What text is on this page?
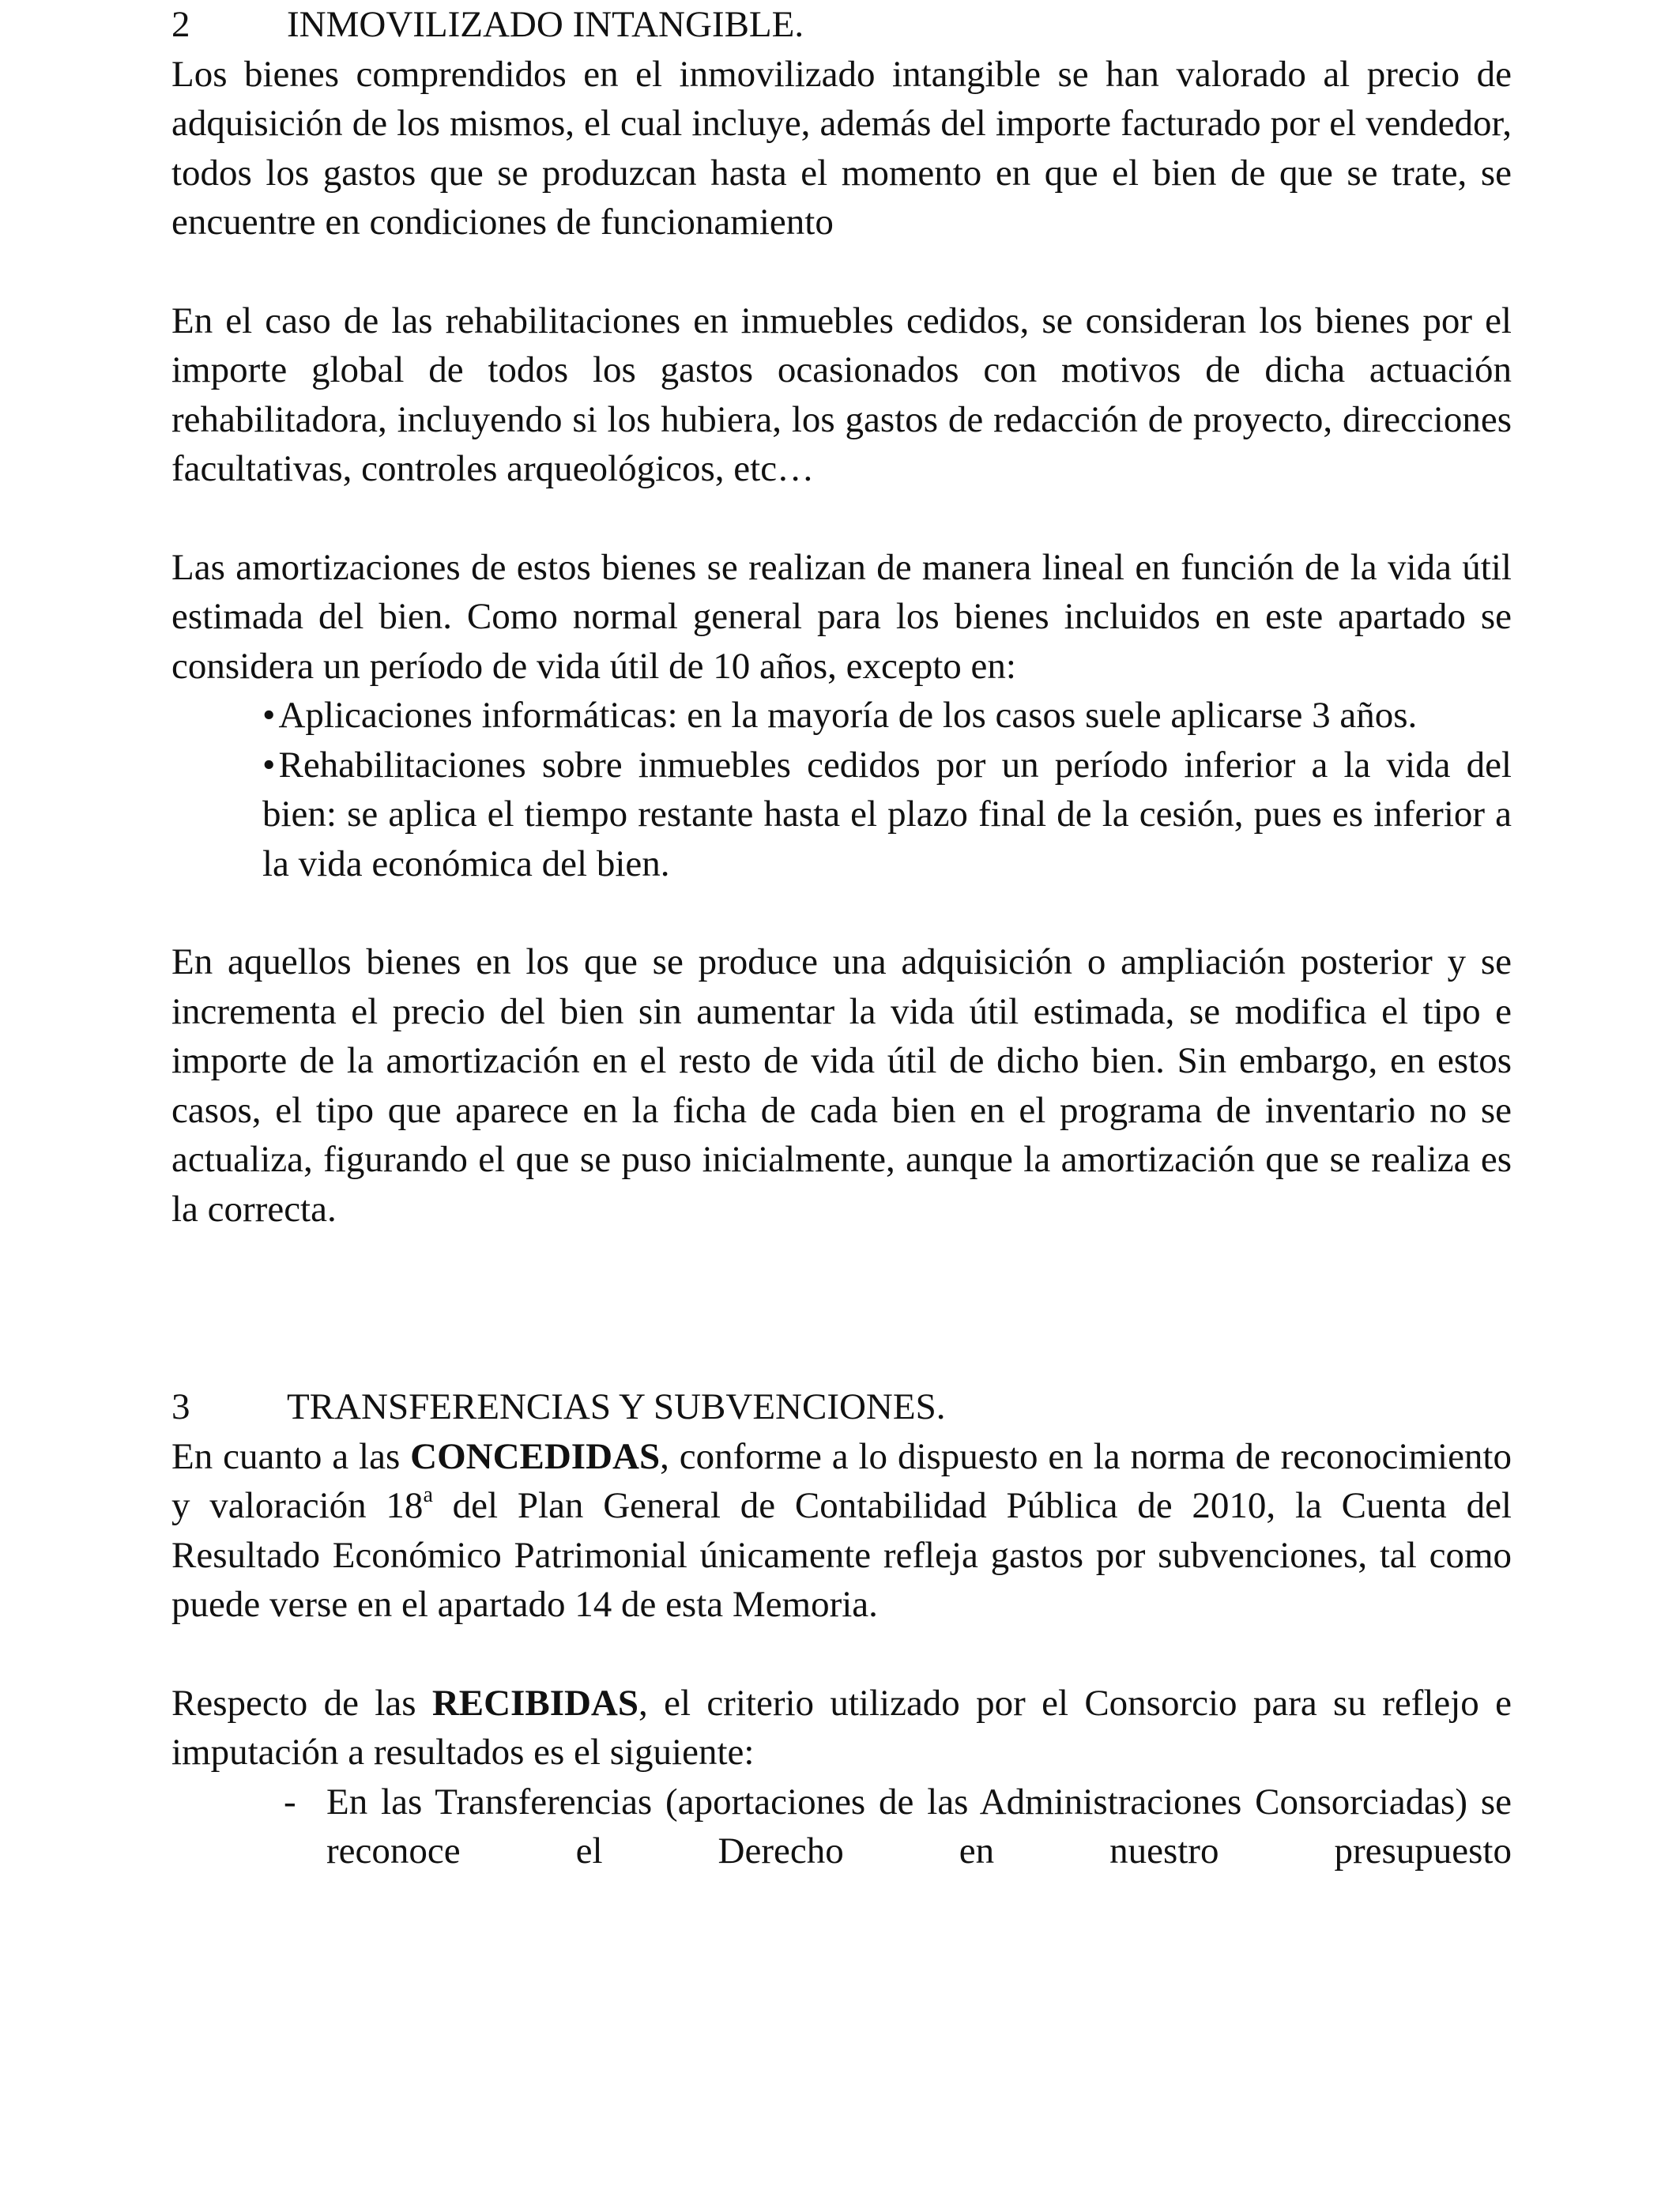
2	INMOVILIZADO INTANGIBLE.

Los bienes comprendidos en el inmovilizado intangible se han valorado al precio de adquisición de los mismos, el cual incluye, además del importe facturado por el vendedor, todos los gastos que se produzcan hasta el momento en que el bien de que se trate, se encuentre en condiciones de funcionamiento

En el caso de las rehabilitaciones en inmuebles cedidos, se consideran los bienes por el importe global de todos los gastos ocasionados con motivos de dicha actuación rehabilitadora, incluyendo si los hubiera, los gastos de redacción de proyecto, direcciones facultativas, controles arqueológicos, etc…

Las amortizaciones de estos bienes se realizan de manera lineal en función de la vida útil estimada del bien. Como normal general para los bienes incluidos en este apartado se considera un período de vida útil de 10 años, excepto en:

•Aplicaciones informáticas: en la mayoría de los casos suele aplicarse 3 años.
•Rehabilitaciones sobre inmuebles cedidos por un período inferior a la vida del bien: se aplica el tiempo restante hasta el plazo final de la cesión, pues es inferior a la vida económica del bien.

En aquellos bienes en los que se produce una adquisición o ampliación posterior y se incrementa el precio del bien sin aumentar la vida útil estimada, se modifica el tipo e importe de la amortización en el resto de vida útil de dicho bien. Sin embargo, en estos casos, el tipo que aparece en la ficha de cada bien en el programa de inventario no se actualiza, figurando el que se puso inicialmente, aunque la amortización que se realiza es la correcta.

3	TRANSFERENCIAS Y SUBVENCIONES.

En cuanto a las CONCEDIDAS, conforme a lo dispuesto en la norma de reconocimiento y valoración 18$^a$ del Plan General de Contabilidad Pública de 2010, la Cuenta del Resultado Económico Patrimonial únicamente refleja gastos por subvenciones, tal como puede verse en el apartado 14 de esta Memoria.

Respecto de las RECIBIDAS, el criterio utilizado por el Consorcio para su reflejo e imputación a resultados es el siguiente:

- En las Transferencias (aportaciones de las Administraciones Consorciadas) se reconoce el Derecho en nuestro presupuesto
